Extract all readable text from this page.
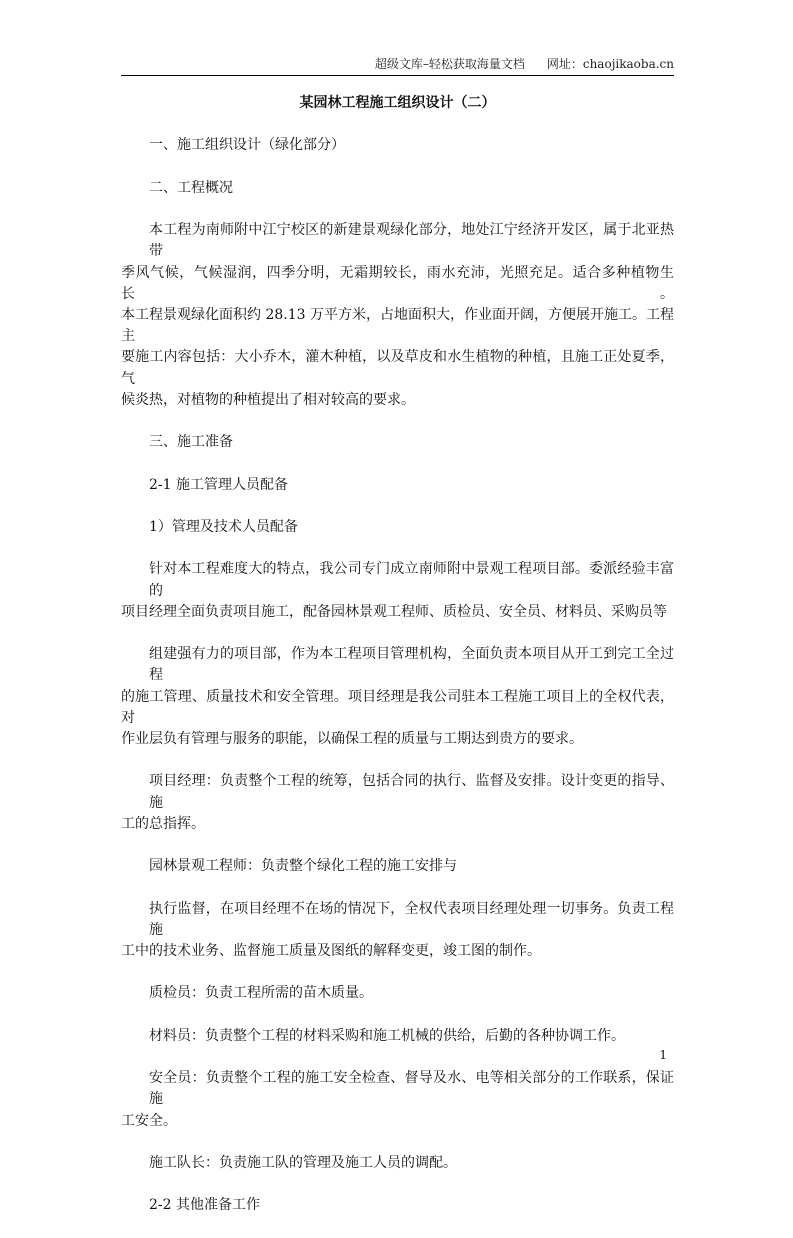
超级文库–轻松获取海量文档 网址：chaojikaoba.cn
某园林工程施工组织设计（二）
一、施工组织设计（绿化部分）
二、工程概况
本工程为南师附中江宁校区的新建景观绿化部分，地处江宁经济开发区，属于北亚热带
季风气候，气候湿润，四季分明，无霜期较长，雨水充沛，光照充足。适合多种植物生长。
本工程景观绿化面积约 28.13 万平方米，占地面积大，作业面开阔，方便展开施工。工程主
要施工内容包括：大小乔木，灌木种植，以及草皮和水生植物的种植，且施工正处夏季，气
候炎热，对植物的种植提出了相对较高的要求。
三、施工准备
2-1 施工管理人员配备
1）管理及技术人员配备
针对本工程难度大的特点，我公司专门成立南师附中景观工程项目部。委派经验丰富的
项目经理全面负责项目施工，配备园林景观工程师、质检员、安全员、材料员、采购员等
组建强有力的项目部，作为本工程项目管理机构，全面负责本项目从开工到完工全过程
的施工管理、质量技术和安全管理。项目经理是我公司驻本工程施工项目上的全权代表，对
作业层负有管理与服务的职能，以确保工程的质量与工期达到贵方的要求。
项目经理：负责整个工程的统筹，包括合同的执行、监督及安排。设计变更的指导、施
工的总指挥。
园林景观工程师：负责整个绿化工程的施工安排与
执行监督，在项目经理不在场的情况下，全权代表项目经理处理一切事务。负责工程施
工中的技术业务、监督施工质量及图纸的解释变更，竣工图的制作。
质检员：负责工程所需的苗木质量。
材料员：负责整个工程的材料采购和施工机械的供给，后勤的各种协调工作。
安全员：负责整个工程的施工安全检查、督导及水、电等相关部分的工作联系，保证施
工安全。
施工队长：负责施工队的管理及施工人员的调配。
2-2 其他准备工作
1
